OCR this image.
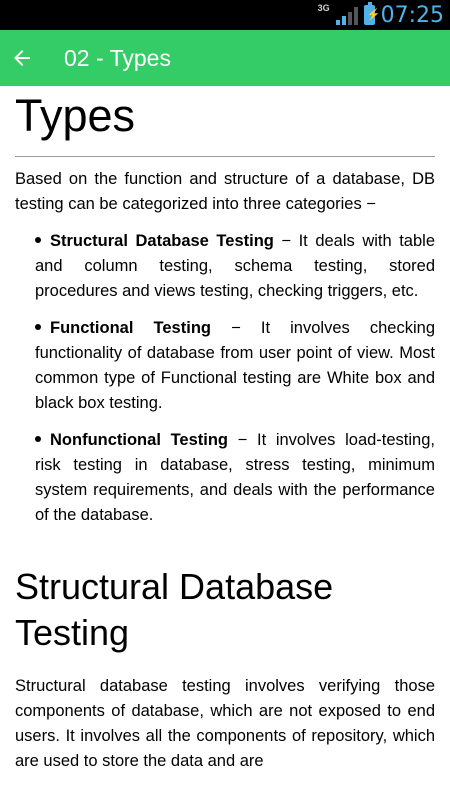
3G
⚡ 07:25
02 - Types
Types

Based on the function and structure of a database, DB testing can be categorized into three categories −

Structural Database Testing − It deals with table and column testing, schema testing, stored procedures and views testing, checking triggers, etc.
Functional Testing − It involves checking functionality of database from user point of view. Most common type of Functional testing are White box and black box testing.
Nonfunctional Testing − It involves load-testing, risk testing in database, stress testing, minimum system requirements, and deals with the performance of the database.
Structural Database Testing

Structural database testing involves verifying those components of database, which are not exposed to end users. It involves all the components of repository, which are used to store the data and are
